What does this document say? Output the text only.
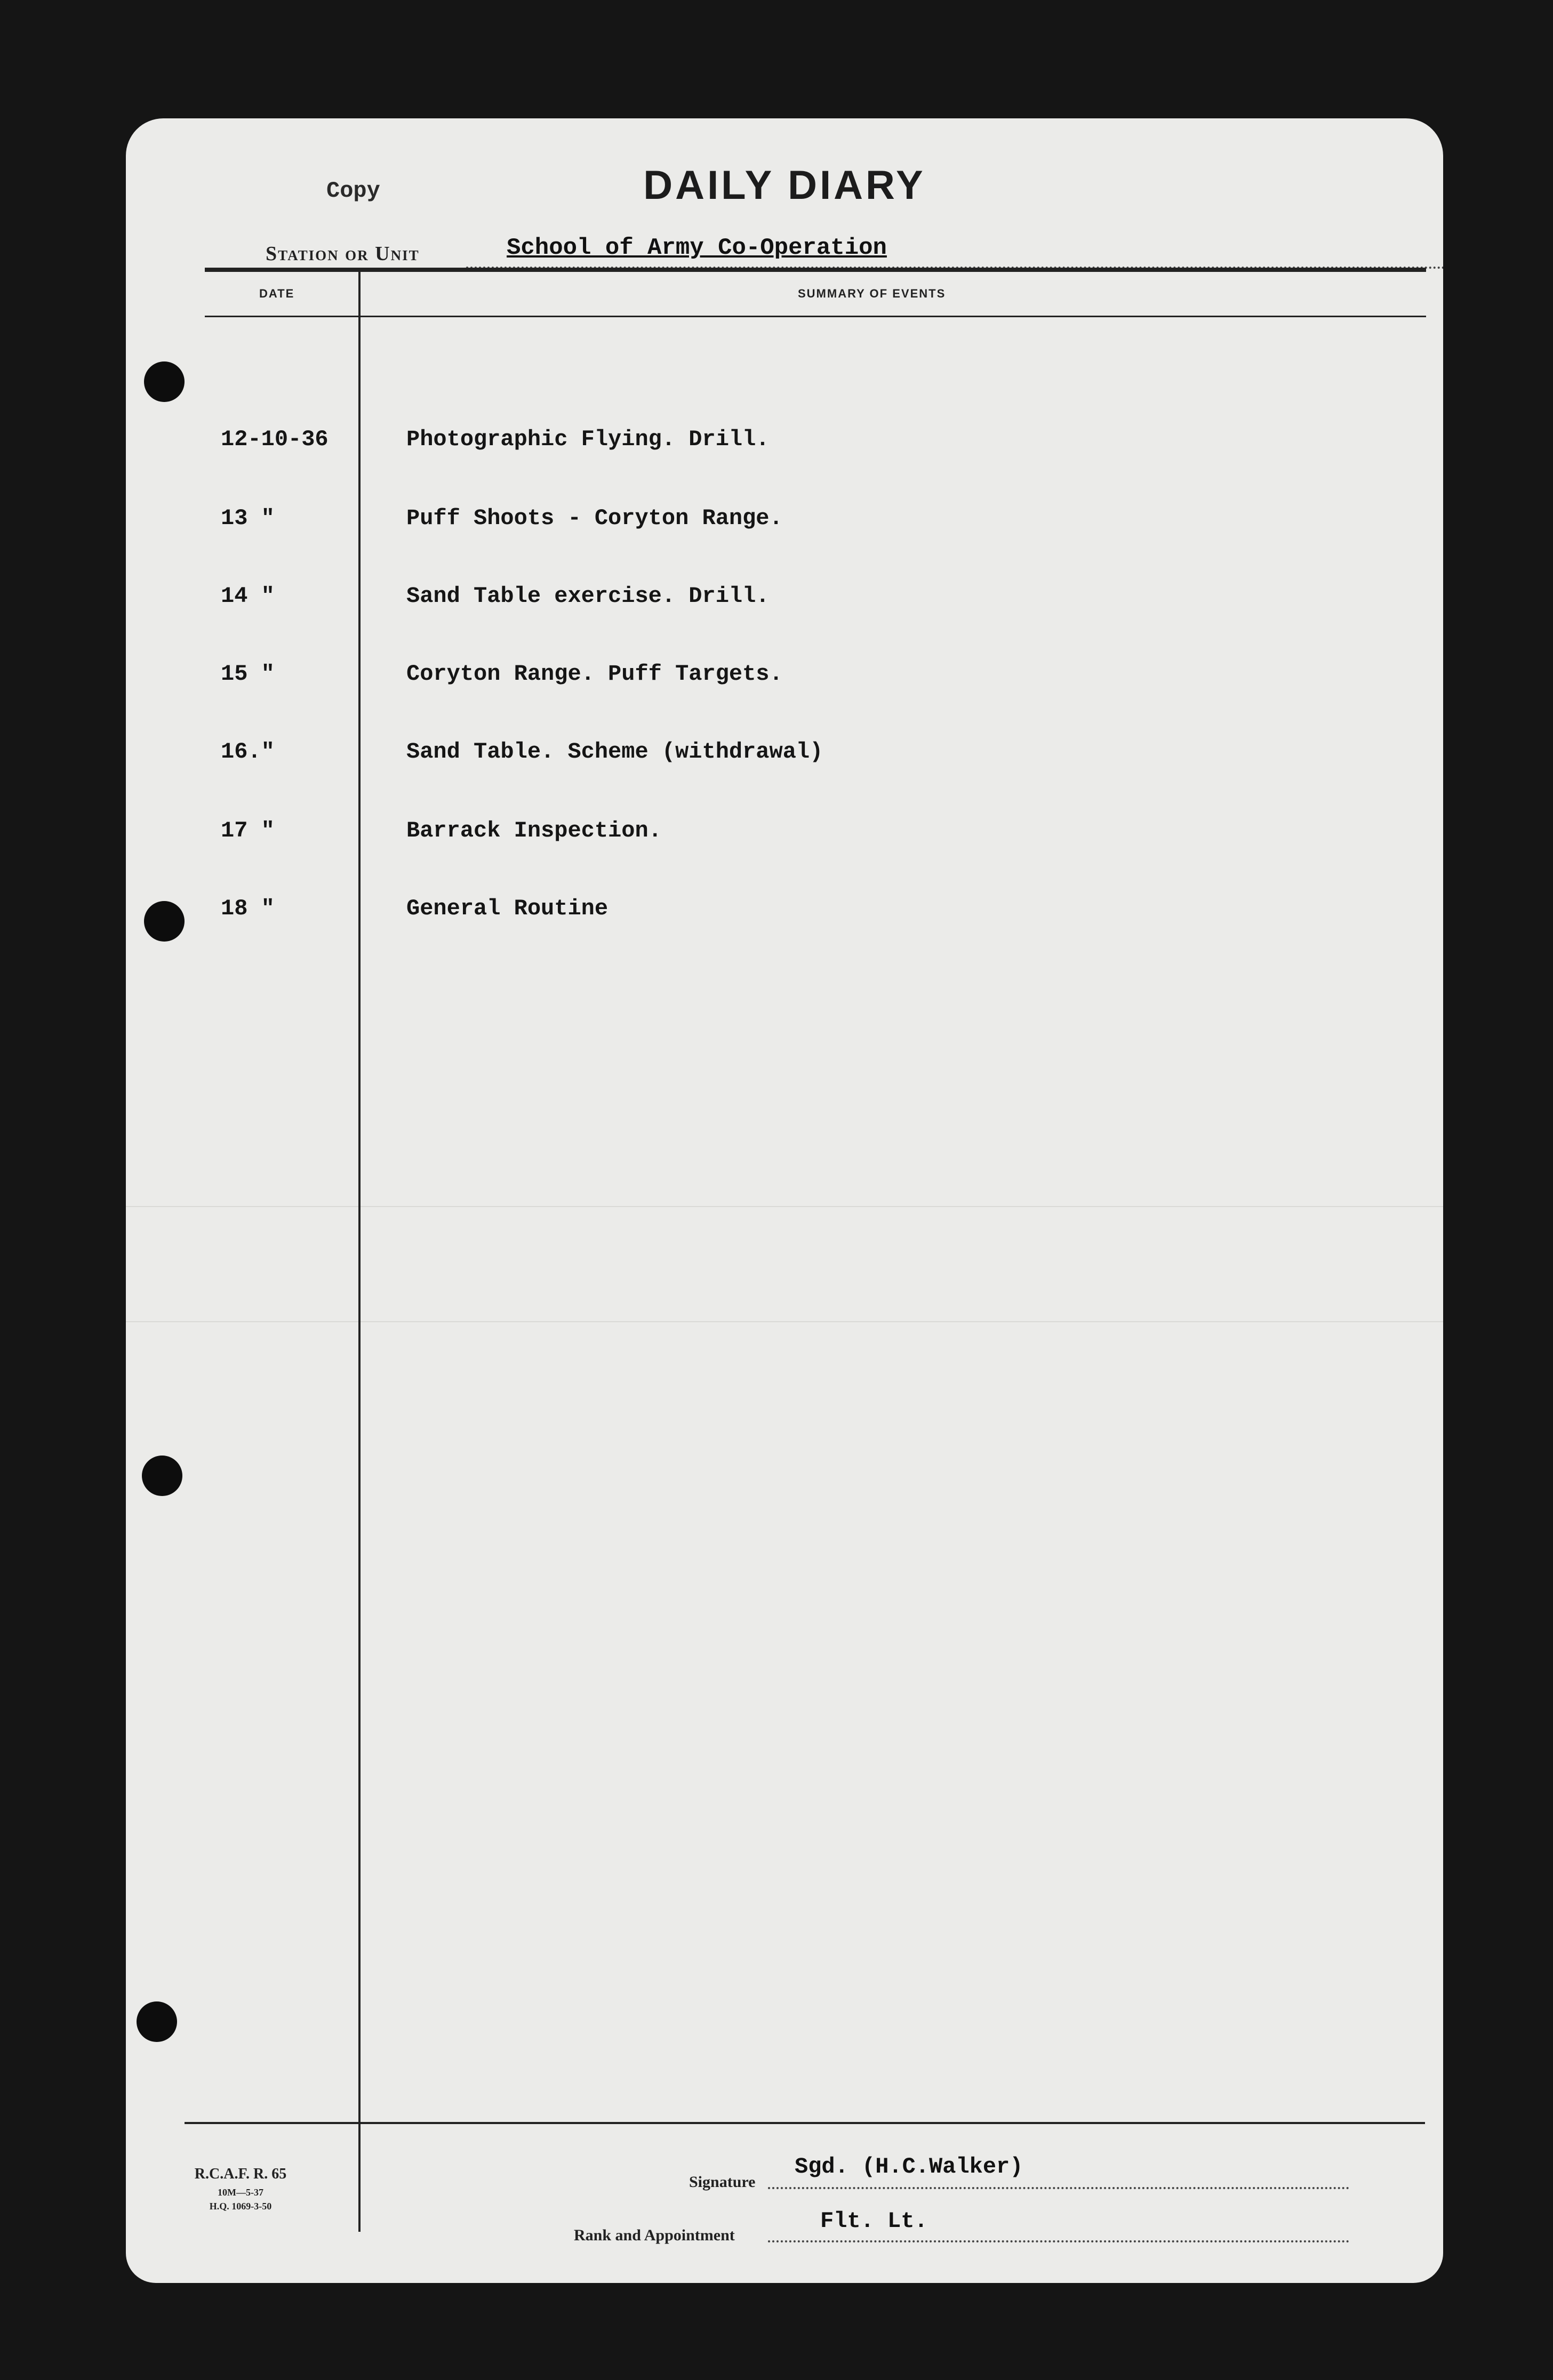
Copy	DAILY DIARY
Station or Unit	School of Army Co-Operation
DATE	SUMMARY OF EVENTS
12-10-36	Photographic Flying. Drill.
13 "	Puff Shoots - Coryton Range.
14 "	Sand Table exercise. Drill.
15 "	Coryton Range. Puff Targets.
16."	Sand Table. Scheme (withdrawal)
17 "	Barrack Inspection.
18 "	General Routine
R.C.A.F. R. 65
10M—5-37
H.Q. 1069-3-50
Signature
Sgd. (H.C.Walker)
Rank and Appointment
Flt. Lt.
